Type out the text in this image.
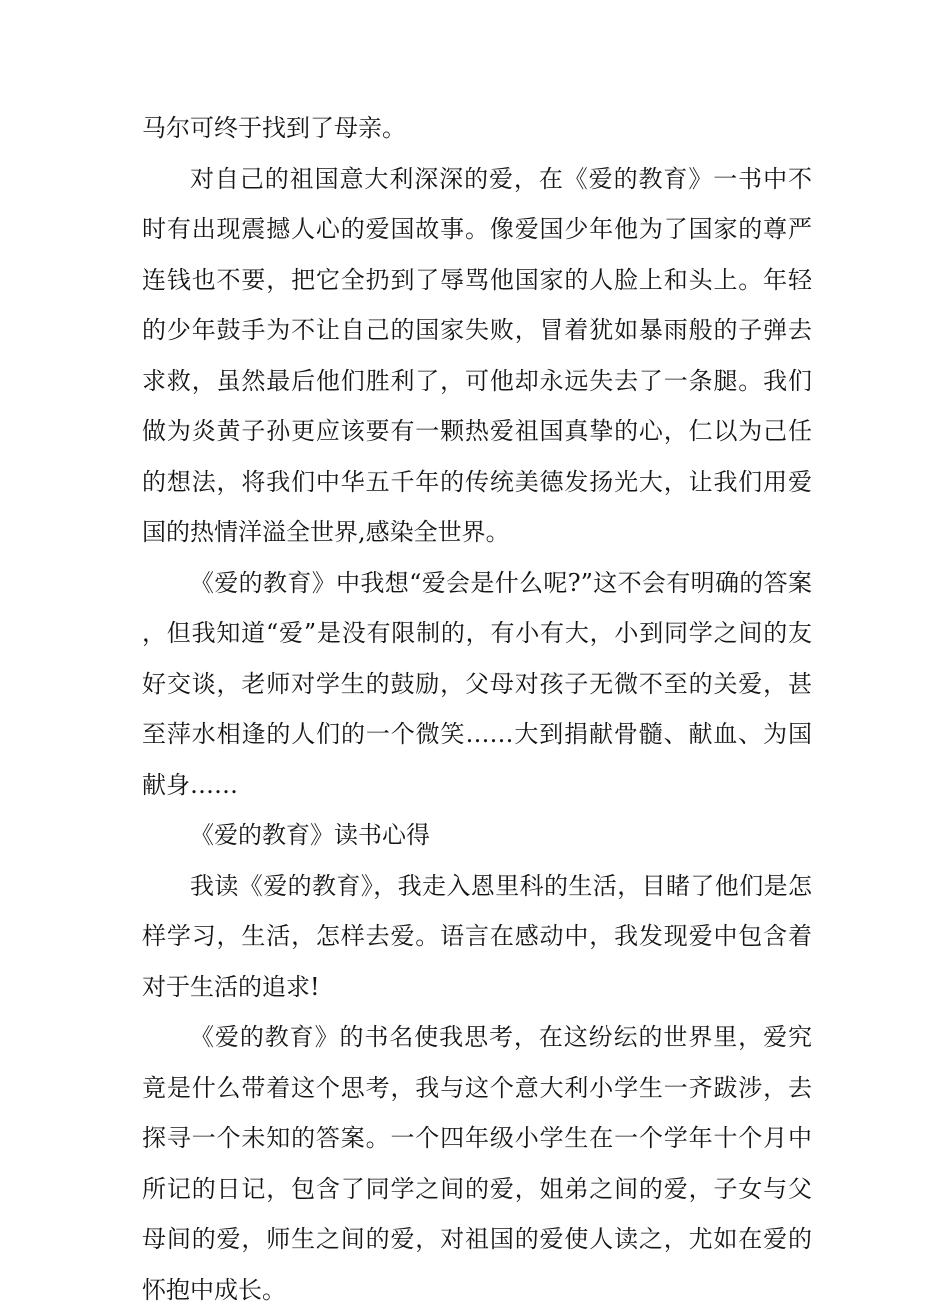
马尔可终于找到了母亲。

对自己的祖国意大利深深的爱，在《爱的教育》一书中不时有出现震撼人心的爱国故事。像爱国少年他为了国家的尊严连钱也不要，把它全扔到了辱骂他国家的人脸上和头上。年轻的少年鼓手为不让自己的国家失败，冒着犹如暴雨般的子弹去求救，虽然最后他们胜利了，可他却永远失去了一条腿。我们做为炎黄子孙更应该要有一颗热爱祖国真挚的心，仁以为己任的想法，将我们中华五千年的传统美德发扬光大，让我们用爱国的热情洋溢全世界,感染全世界。

《爱的教育》中我想“爱会是什么呢?”这不会有明确的答案，但我知道“爱”是没有限制的，有小有大，小到同学之间的友好交谈，老师对学生的鼓励，父母对孩子无微不至的关爱，甚至萍水相逢的人们的一个微笑……大到捐献骨髓、献血、为国献身……

《爱的教育》读书心得

我读《爱的教育》，我走入恩里科的生活，目睹了他们是怎样学习，生活，怎样去爱。语言在感动中，我发现爱中包含着对于生活的追求!

《爱的教育》的书名使我思考，在这纷纭的世界里，爱究竟是什么带着这个思考，我与这个意大利小学生一齐跋涉，去探寻一个未知的答案。一个四年级小学生在一个学年十个月中所记的日记，包含了同学之间的爱，姐弟之间的爱，子女与父母间的爱，师生之间的爱，对祖国的爱使人读之，尤如在爱的怀抱中成长。
